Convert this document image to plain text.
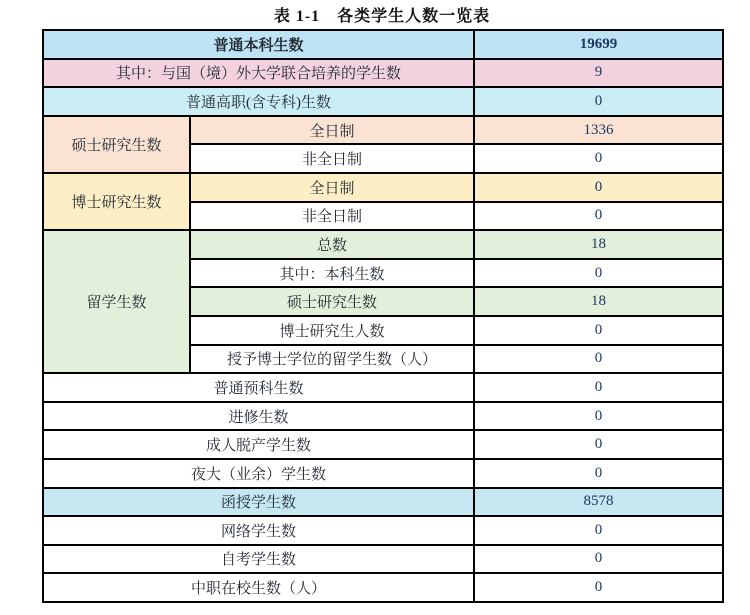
表 1-1　各类学生人数一览表
普通本科生数		19699
其中：与国（境）外大学联合培养的学生数		9
普通高职(含专科)生数		0
硕士研究生数	全日制	1336
	非全日制	0
博士研究生数	全日制	0
	非全日制	0
留学生数	总数	18
	其中：本科生数	0
	硕士研究生数	18
	博士研究生人数	0
	授予博士学位的留学生数（人）	0
普通预科生数		0
进修生数		0
成人脱产学生数		0
夜大（业余）学生数		0
函授学生数		8578
网络学生数		0
自考学生数		0
中职在校生数（人）		0
